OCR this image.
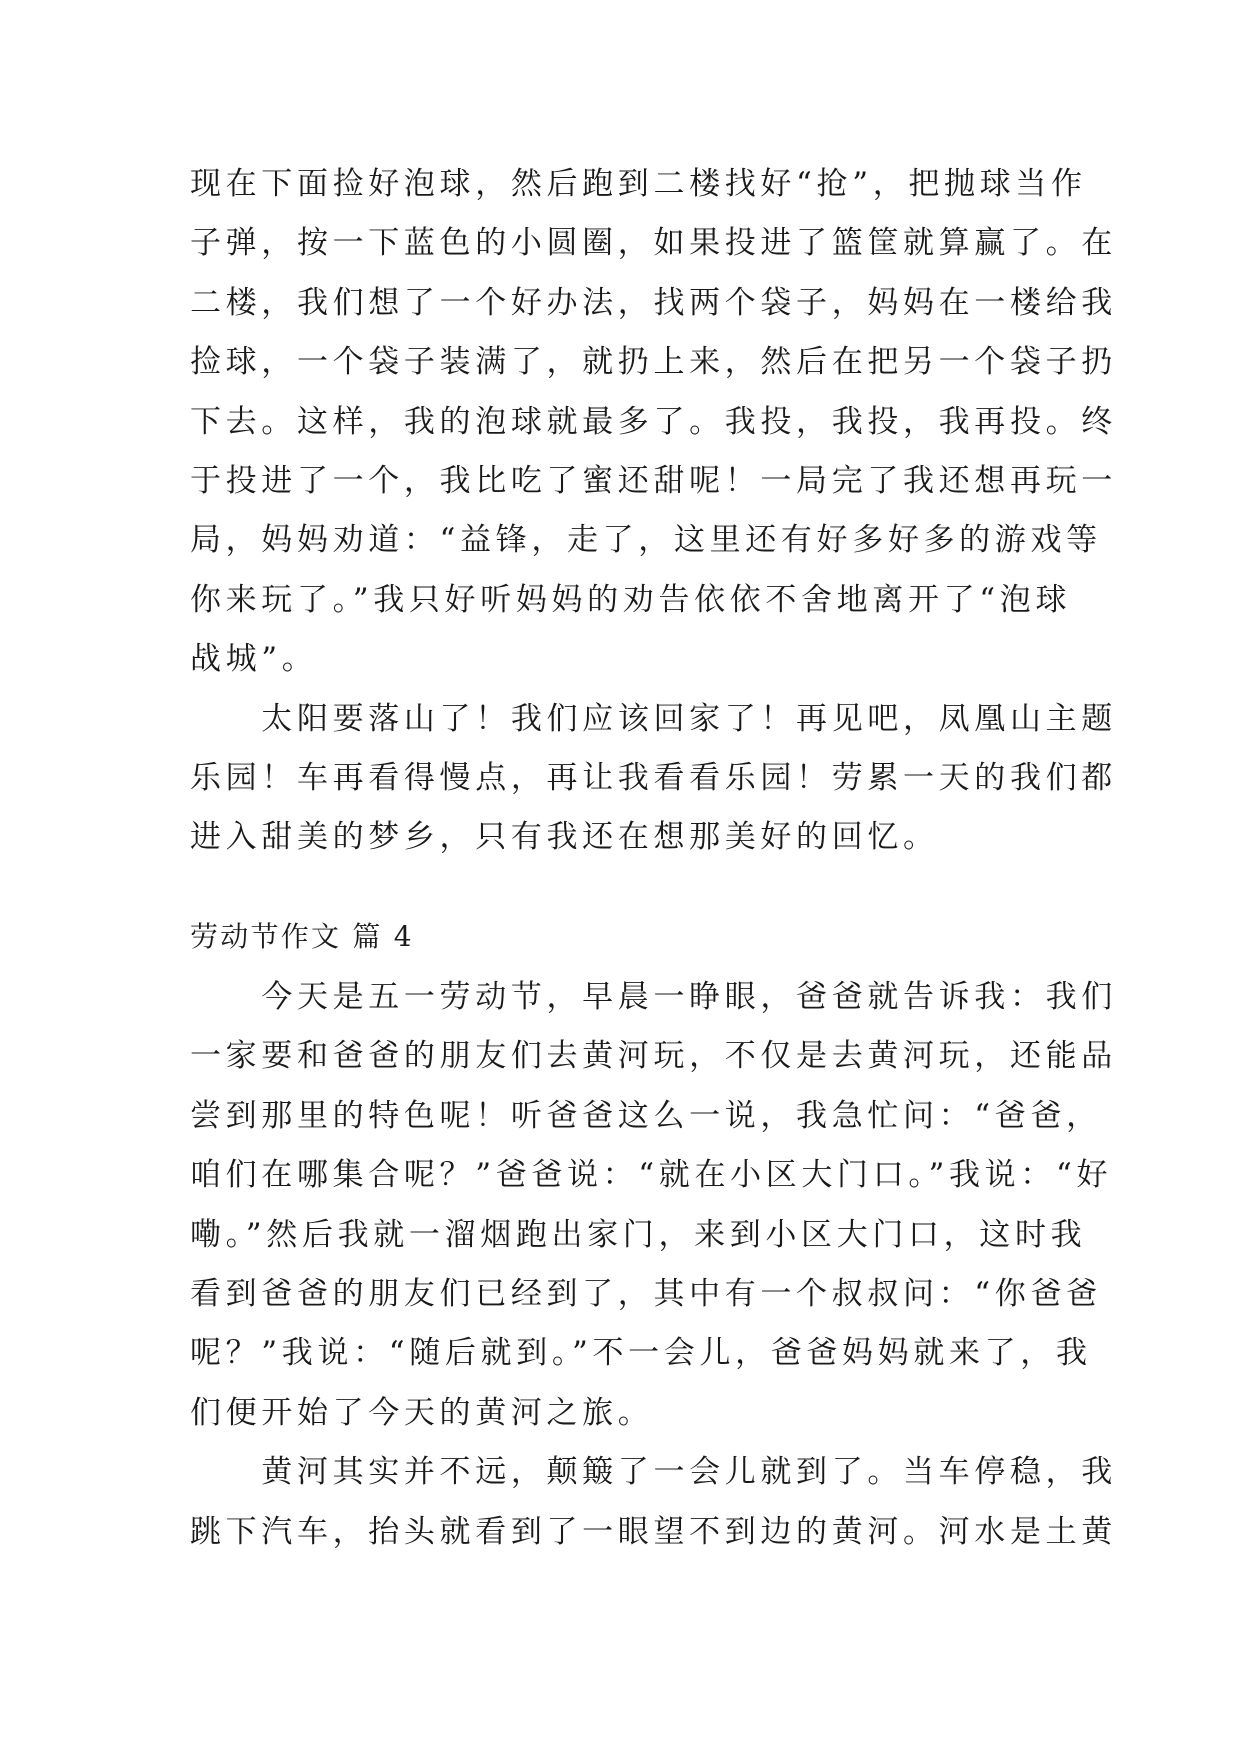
现在下面捡好泡球，然后跑到二楼找好“抢”，把抛球当作
子弹，按一下蓝色的小圆圈，如果投进了篮筐就算赢了。在
二楼，我们想了一个好办法，找两个袋子，妈妈在一楼给我
捡球，一个袋子装满了，就扔上来，然后在把另一个袋子扔
下去。这样，我的泡球就最多了。我投，我投，我再投。终
于投进了一个，我比吃了蜜还甜呢！一局完了我还想再玩一
局，妈妈劝道：“益锋，走了，这里还有好多好多的游戏等
你来玩了。”我只好听妈妈的劝告依依不舍地离开了“泡球
战城”。
　　太阳要落山了！我们应该回家了！再见吧，凤凰山主题
乐园！车再看得慢点，再让我看看乐园！劳累一天的我们都
进入甜美的梦乡，只有我还在想那美好的回忆。
劳动节作文 篇 4
　　今天是五一劳动节，早晨一睁眼，爸爸就告诉我：我们
一家要和爸爸的朋友们去黄河玩，不仅是去黄河玩，还能品
尝到那里的特色呢！听爸爸这么一说，我急忙问：“爸爸，
咱们在哪集合呢？”爸爸说：“就在小区大门口。”我说：“好
嘞。”然后我就一溜烟跑出家门，来到小区大门口，这时我
看到爸爸的朋友们已经到了，其中有一个叔叔问：“你爸爸
呢？”我说：“随后就到。”不一会儿，爸爸妈妈就来了，我
们便开始了今天的黄河之旅。
　　黄河其实并不远，颠簸了一会儿就到了。当车停稳，我
跳下汽车，抬头就看到了一眼望不到边的黄河。河水是土黄
